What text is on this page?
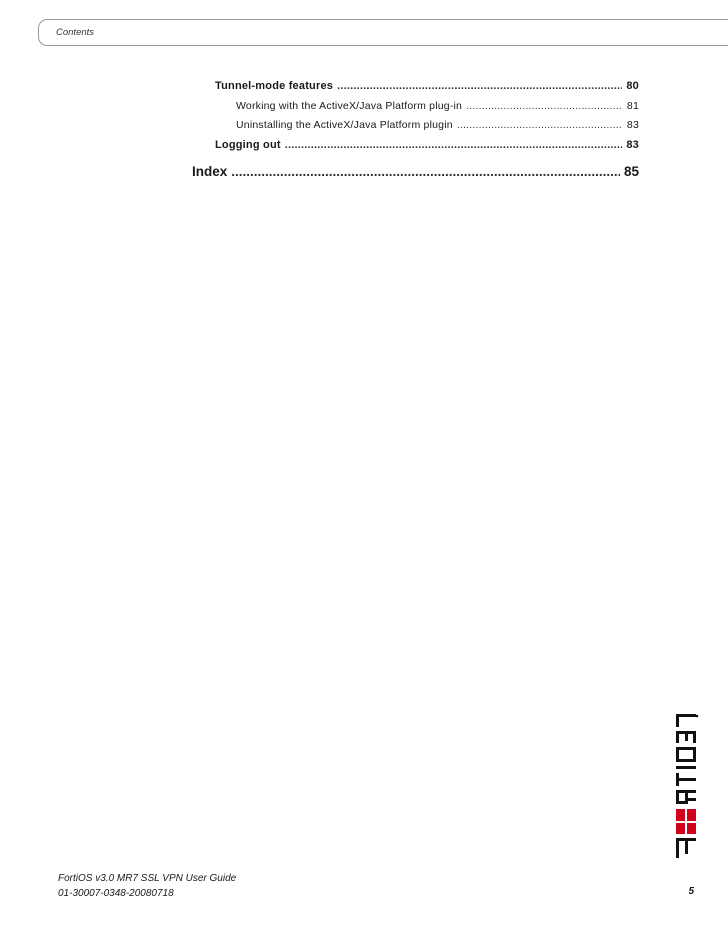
Contents
Tunnel-mode features .....	80
Working with the ActiveX/Java Platform plug-in .....	81
Uninstalling the ActiveX/Java Platform plugin .....	83
Logging out .....	83
Index .....	85
FortiOS v3.0 MR7 SSL VPN User Guide
01-30007-0348-20080718	5
